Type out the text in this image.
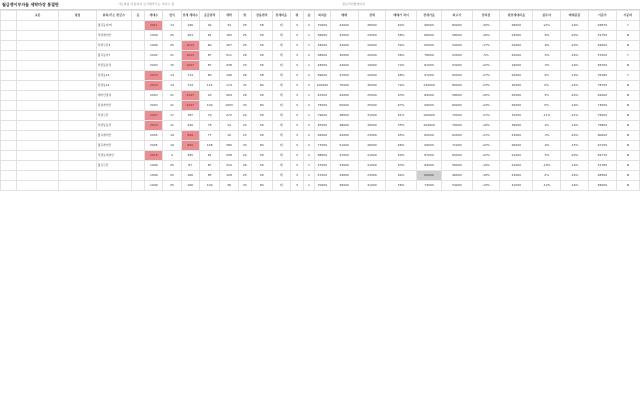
월급쟁이부자들 세탁마장 통결판	가르마을 이용하여 보기에가기는 가디드 설	정보처리할데이터
	교통	명칭	위치/주소 학군수	동	세대수	연식	전세 세대수	공급면적	세탁	방	전용면적	전세비율	평	층	최저층	매매	전세	매매가 차이	전세가율	최고가	전저점	원전세대비율	실투자	매매증감	기준가	기준비
			월곡동아/미		2011	13	196	92	34	25	58	계	3	2	70000	42000	28000	60%	96000	82000	-30%	28000	12%	-19%	94870	Y
			석관래미안		1999	25	453	81	182	25	59	계	3	1	56000	32000	23000	58%	66000	58000	-16%	23000	-6%	-20%	51750	N
			석관두산4		1999	25	1023	80	407	25	59	계	3	1	54000	32000	22000	59%	65000	54000	-17%	22000	-6%	-20%	49500	N
			월곡동아7		2002	21	1023	87	511	26	59	계	3	2	58000	30000	22000	56%	78000	52000	-5%	22000	-5%	-16%	57000	Y
			석관동삼성		2003	15	1007	87	438	23	59	계	3	1	63000	44000	19000	70%	81000	52000	-22%	19000	-3%	-19%	56700	N
			장위동14		2014	14	714	80	196	26	58	계	3	2	69000	47000	22000	68%	97000	60000	-27%	22000	4%	-19%	76180	Y
			장위동14		2013	14	714	115	174	32	84	계	3	2	100000	70000	30000	70%	130000	80000	-23%	30000	0%	-24%	78750	N
			래미안장위		2003	21	2197	93	264	26	59	계	3	1	67000	42000	25000	63%	84000	58000	-20%	25000	3%	-20%	62000	N
			장위래미안		2003	21	2197	109	1093	33	84	계	3	2	75000	50000	25000	67%	99000	60000	-24%	25000	0%	-19%	73000	N
			석관두산		2007	17	787	79	272	24	59	계	3	1	79000	48000	31000	61%	100000	70000	-21%	31000	-11%	-21%	75000	N
			석관동동산		2013	11	440	76	14	23	59	계	3	2	87000	48000	39000	55%	104000	76000	-16%	39000	1%	-19%	75800	N
			월곡래미안		2005	19	899	77	19	23	59	계	3	2	65000	42000	23000	65%	82000	62000	-21%	23000	-3%	-20%	60000	N
			월곡래미안		2005	19	899	108	280	33	84	계	3	2	77000	51000	26000	66%	99000	71000	-22%	26000	-9%	-15%	67150	N
			석관동래미안		2016	9	395	81	208	24	59	계	3	2	68000	47000	21000	69%	87000	65000	-22%	21000	-5%	-20%	62770	N
			월곡두산		1999	25	87	87	210	26	59	계	3	1	57000	33000	21000	63%	64000	56000	-19%	21000	-19%	-19%	51780	N
					1999	25	166	85	128	25	59	계	3	1	57000	34000	23000	60%	62000	46000	-18%	23000	2%	-16%	48300	N
					1999	25	166	109	38	33	84	계	3	1	70000	39000	31000	56%	73000	54000	-19%	31000	-12%	-16%	56000	N
